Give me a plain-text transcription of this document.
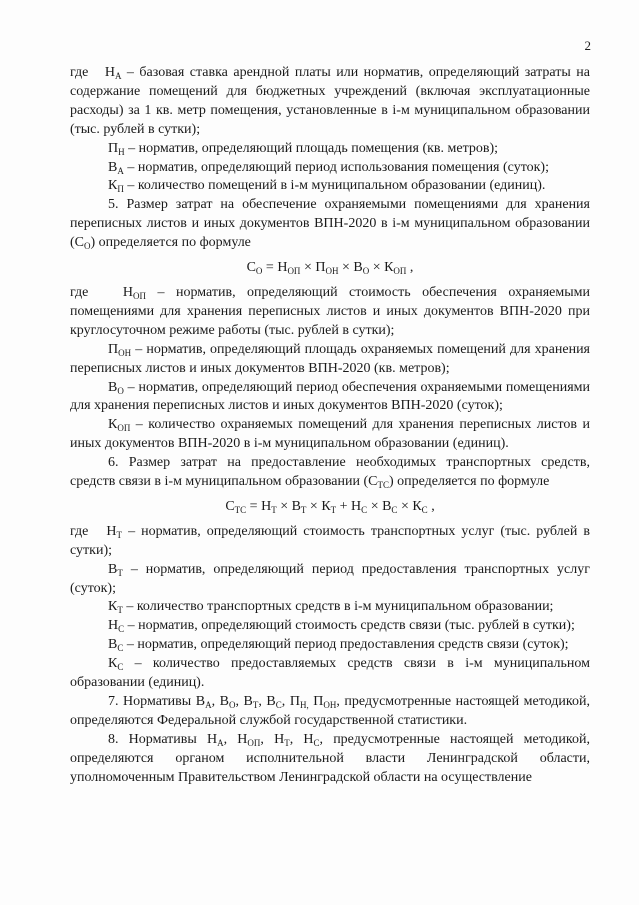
2

где   $Н_А$ – базовая ставка арендной платы или норматив, определяющий затраты на содержание помещений для бюджетных учреждений (включая эксплуатационные расходы) за 1 кв. метр помещения, установленные в i-м муниципальном образовании (тыс. рублей в сутки);

$П_Н$ – норматив, определяющий площадь помещения (кв. метров);

$В_А$ – норматив, определяющий период использования помещения (суток);

$К_П$ – количество помещений в i-м муниципальном образовании (единиц).

5. Размер затрат на обеспечение охраняемыми помещениями для хранения переписных листов и иных документов ВПН-2020 в i-м муниципальном образовании $(С_О)$ определяется по формуле

$С_О = Н_{ОП} \times П_{ОН} \times В_О \times К_{ОП}$ ,

где   $Н_{ОП}$ – норматив, определяющий стоимость обеспечения охраняемыми помещениями для хранения переписных листов и иных документов ВПН-2020 при круглосуточном режиме работы (тыс. рублей в сутки);

$П_{ОН}$ – норматив, определяющий площадь охраняемых помещений для хранения переписных листов и иных документов ВПН-2020 (кв. метров);

$В_О$ – норматив, определяющий период обеспечения охраняемыми помещениями для хранения переписных листов и иных документов ВПН-2020 (суток);

$К_{ОП}$ – количество охраняемых помещений для хранения переписных листов и иных документов ВПН-2020 в i-м муниципальном образовании (единиц).

6. Размер затрат на предоставление необходимых транспортных средств, средств связи в i-м муниципальном образовании $(С_{ТС})$ определяется по формуле

$С_{ТС} = Н_Т \times В_Т \times К_Т + Н_С \times В_С \times К_С$ ,

где   $Н_Т$ – норматив, определяющий стоимость транспортных услуг (тыс. рублей в сутки);

$В_Т$ – норматив, определяющий период предоставления транспортных услуг (суток);

$К_Т$ – количество транспортных средств в i-м муниципальном образовании;

$Н_С$ – норматив, определяющий стоимость средств связи (тыс. рублей в сутки);

$В_С$ – норматив, определяющий период предоставления средств связи (суток);

$К_С$ – количество предоставляемых средств связи в i-м муниципальном образовании (единиц).

7. Нормативы $В_А$, $В_О$, $В_Т$, $В_С$, $П_{Н,}$ $П_{ОН}$, предусмотренные настоящей методикой, определяются Федеральной службой государственной статистики.

8. Нормативы $Н_А$, $Н_{ОП}$, $Н_Т$, $Н_С$, предусмотренные настоящей методикой, определяются органом исполнительной власти Ленинградской области, уполномоченным Правительством Ленинградской области на осуществление
